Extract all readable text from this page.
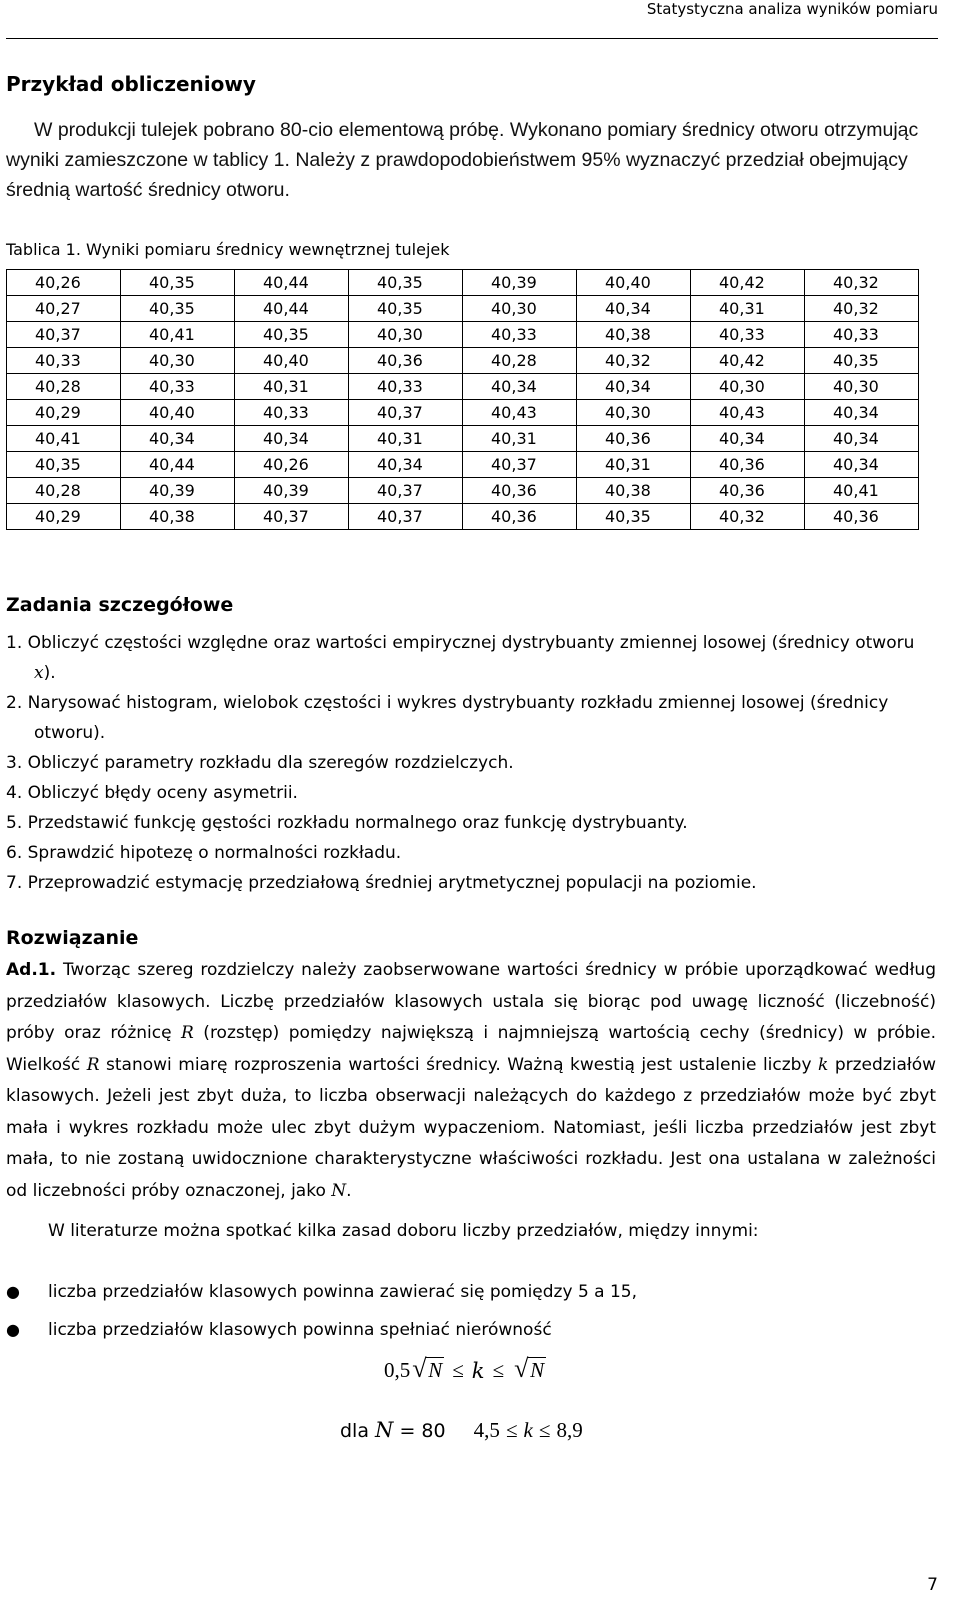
Statystyczna analiza wyników pomiaru
Przykład obliczeniowy

W produkcji tulejek pobrano 80-cio elementową próbę. Wykonano pomiary średnicy otworu otrzymując wyniki zamieszczone w tablicy 1. Należy z prawdopodobieństwem 95% wyznaczyć przedział obejmujący średnią wartość średnicy otworu.

Tablica 1. Wyniki pomiaru średnicy wewnętrznej tulejek
40,26	40,35	40,44	40,35	40,39	40,40	40,42	40,32
40,27	40,35	40,44	40,35	40,30	40,34	40,31	40,32
40,37	40,41	40,35	40,30	40,33	40,38	40,33	40,33
40,33	40,30	40,40	40,36	40,28	40,32	40,42	40,35
40,28	40,33	40,31	40,33	40,34	40,34	40,30	40,30
40,29	40,40	40,33	40,37	40,43	40,30	40,43	40,34
40,41	40,34	40,34	40,31	40,31	40,36	40,34	40,34
40,35	40,44	40,26	40,34	40,37	40,31	40,36	40,34
40,28	40,39	40,39	40,37	40,36	40,38	40,36	40,41
40,29	40,38	40,37	40,37	40,36	40,35	40,32	40,36
Zadania szczegółowe
1. Obliczyć częstości względne oraz wartości empirycznej dystrybuanty zmiennej losowej (średnicy otworu x).
2. Narysować histogram, wielobok częstości i wykres dystrybuanty rozkładu zmiennej losowej (średnicy otworu).
3. Obliczyć parametry rozkładu dla szeregów rozdzielczych.
4. Obliczyć błędy oceny asymetrii.
5. Przedstawić funkcję gęstości rozkładu normalnego oraz funkcję dystrybuanty.
6. Sprawdzić hipotezę o normalności rozkładu.
7. Przeprowadzić estymację przedziałową średniej arytmetycznej populacji na poziomie.
Rozwiązanie

Ad.1. Tworząc szereg rozdzielczy należy zaobserwowane wartości średnicy w próbie uporządkować według przedziałów klasowych. Liczbę przedziałów klasowych ustala się biorąc pod uwagę liczność (liczebność) próby oraz różnicę R (rozstęp) pomiędzy największą i najmniejszą wartością cechy (średnicy) w próbie. Wielkość R stanowi miarę rozproszenia wartości średnicy. Ważną kwestią jest ustalenie liczby k przedziałów klasowych. Jeżeli jest zbyt duża, to liczba obserwacji należących do każdego z przedziałów może być zbyt mała i wykres rozkładu może ulec zbyt dużym wypaczeniom. Natomiast, jeśli liczba przedziałów jest zbyt mała, to nie zostaną uwidocznione charakterystyczne właściwości rozkładu. Jest ona ustalana w zależności od liczebności próby oznaczonej, jako N.

W literaturze można spotkać kilka zasad doboru liczby przedziałów, między innymi:
● liczba przedziałów klasowych powinna zawierać się pomiędzy 5 a 15,
● liczba przedziałów klasowych powinna spełniać nierówność
0,5 √ N ≤ k ≤ √ N
dla N = 80 4,5 ≤ k ≤ 8,9
7
